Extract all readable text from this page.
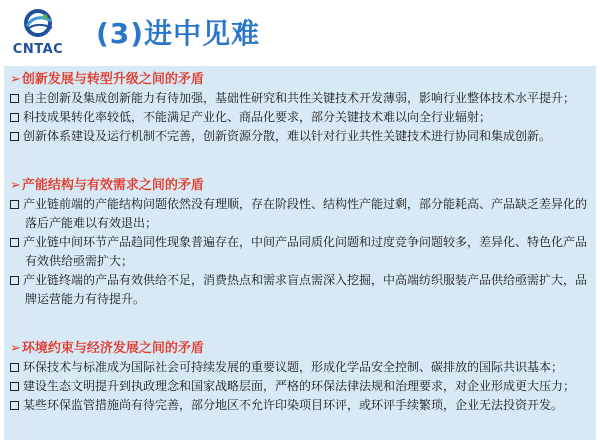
CNTAC (3)进中见难
➢创新发展与转型升级之间的矛盾
自主创新及集成创新能力有待加强，基础性研究和共性关键技术开发薄弱，影响行业整体技术水平提升；
科技成果转化率较低，不能满足产业化、商品化要求，部分关键技术难以向全行业辐射；
创新体系建设及运行机制不完善，创新资源分散，难以针对行业共性关键技术进行协同和集成创新。
➢产能结构与有效需求之间的矛盾
产业链前端的产能结构问题依然没有理顺，存在阶段性、结构性产能过剩，部分能耗高、产品缺乏差异化的落后产能难以有效退出；
产业链中间环节产品趋同性现象普遍存在，中间产品同质化问题和过度竞争问题较多，差异化、特色化产品有效供给亟需扩大；
产业链终端的产品有效供给不足，消费热点和需求盲点需深入挖掘，中高端纺织服装产品供给亟需扩大，品牌运营能力有待提升。
➢环境约束与经济发展之间的矛盾
环保技术与标准成为国际社会可持续发展的重要议题，形成化学品安全控制、碳排放的国际共识基本；
建设生态文明提升到执政理念和国家战略层面，严格的环保法律法规和治理要求，对企业形成更大压力；
某些环保监管措施尚有待完善，部分地区不允许印染项目环评，或环评手续繁琐，企业无法投资开发。
